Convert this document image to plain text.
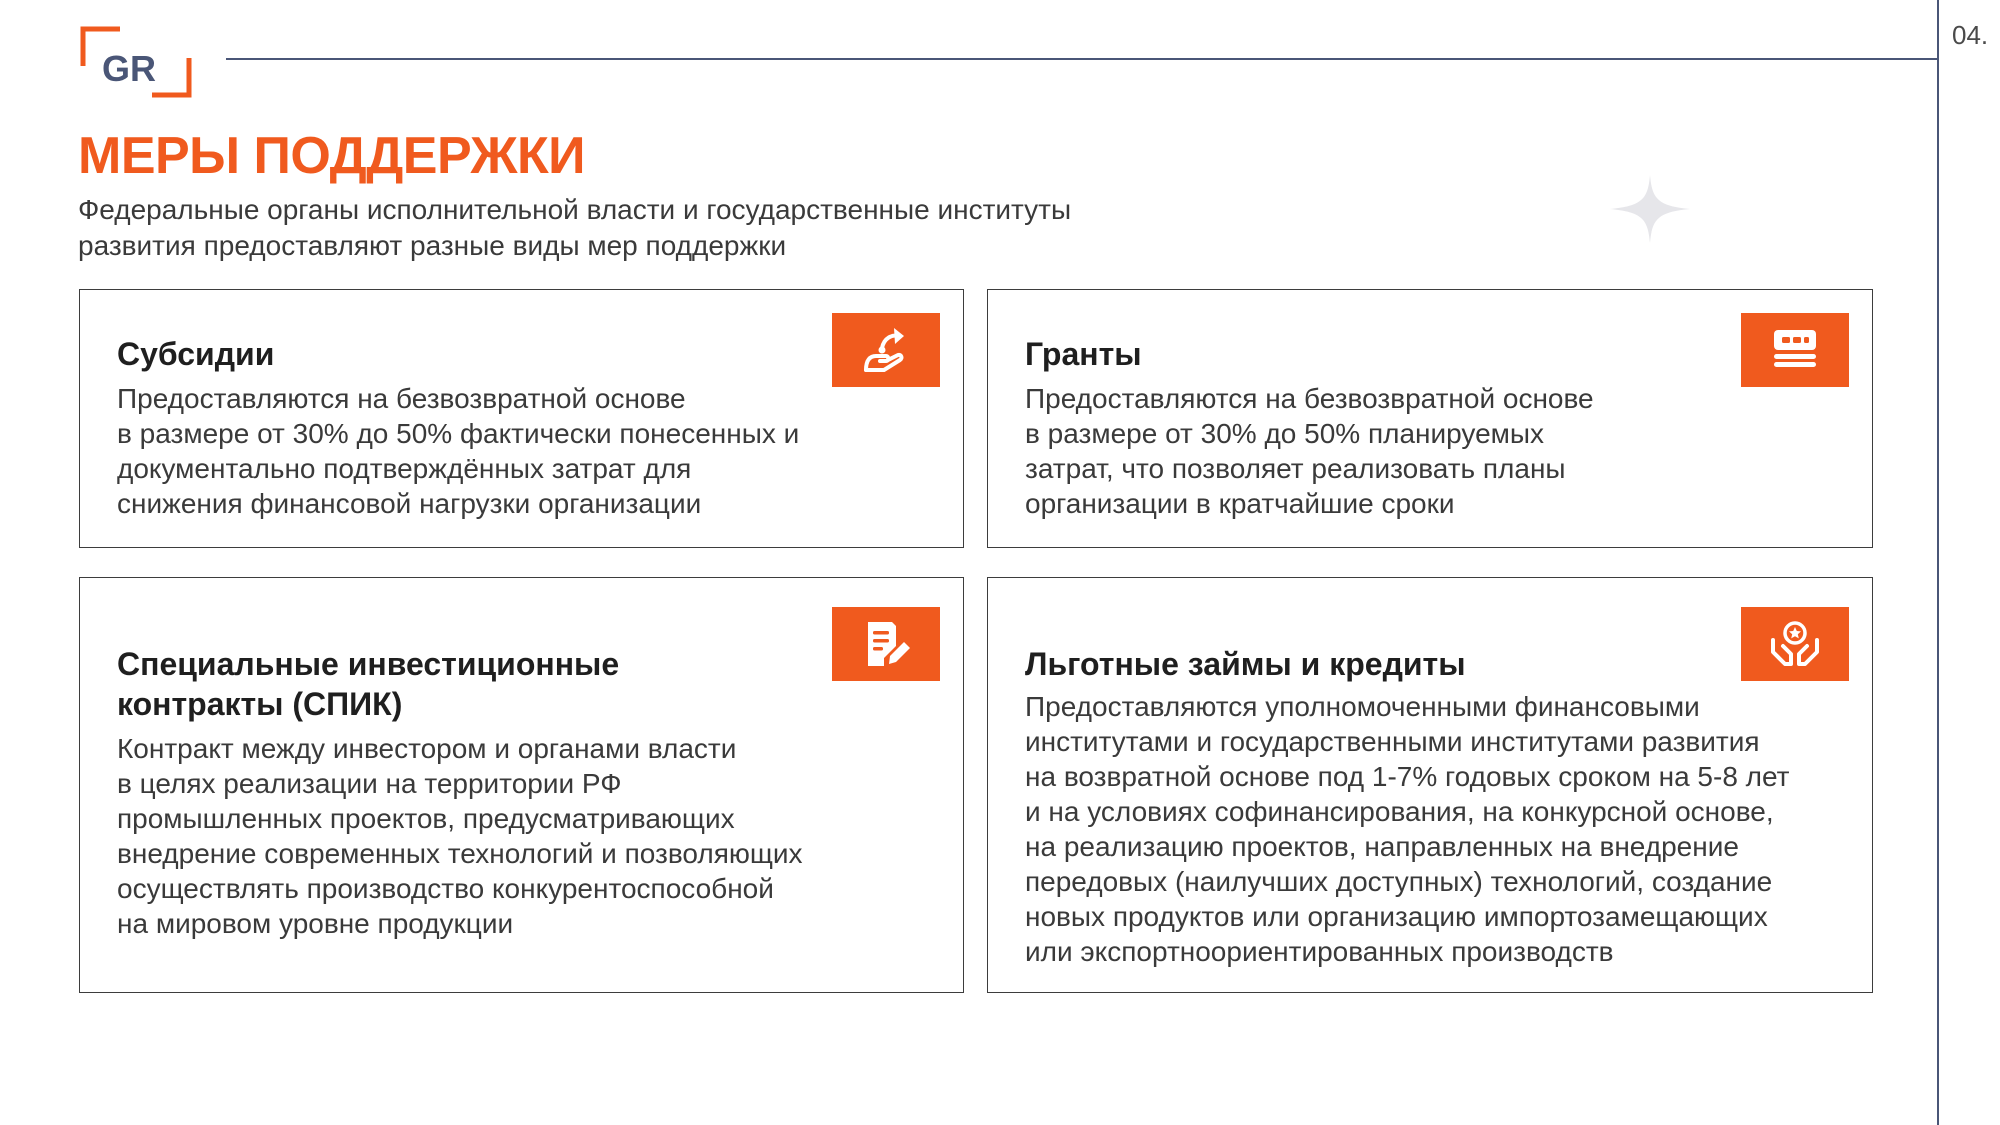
GR
04.
МЕРЫ ПОДДЕРЖКИ

Федеральные органы исполнительной власти и государственные институты развития предоставляют разные виды мер поддержки

Субсидии

Предоставляются на безвозвратной основе
в размере от 30% до 50% фактически понесенных и
документально подтверждённых затрат для
снижения финансовой нагрузки организации

Гранты

Предоставляются на безвозвратной основе
в размере от 30% до 50% планируемых
затрат, что позволяет реализовать планы
организации в кратчайшие сроки

Специальные инвестиционные контракты (СПИК)

Контракт между инвестором и органами власти
в целях реализации на территории РФ
промышленных проектов, предусматривающих
внедрение современных технологий и позволяющих
осуществлять производство конкурентоспособной
на мировом уровне продукции

Льготные займы и кредиты

Предоставляются уполномоченными финансовыми
институтами и государственными институтами развития
на возвратной основе под 1-7% годовых сроком на 5-8 лет
и на условиях софинансирования, на конкурсной основе,
на реализацию проектов, направленных на внедрение
передовых (наилучших доступных) технологий, создание
новых продуктов или организацию импортозамещающих
или экспортноориентированных производств
